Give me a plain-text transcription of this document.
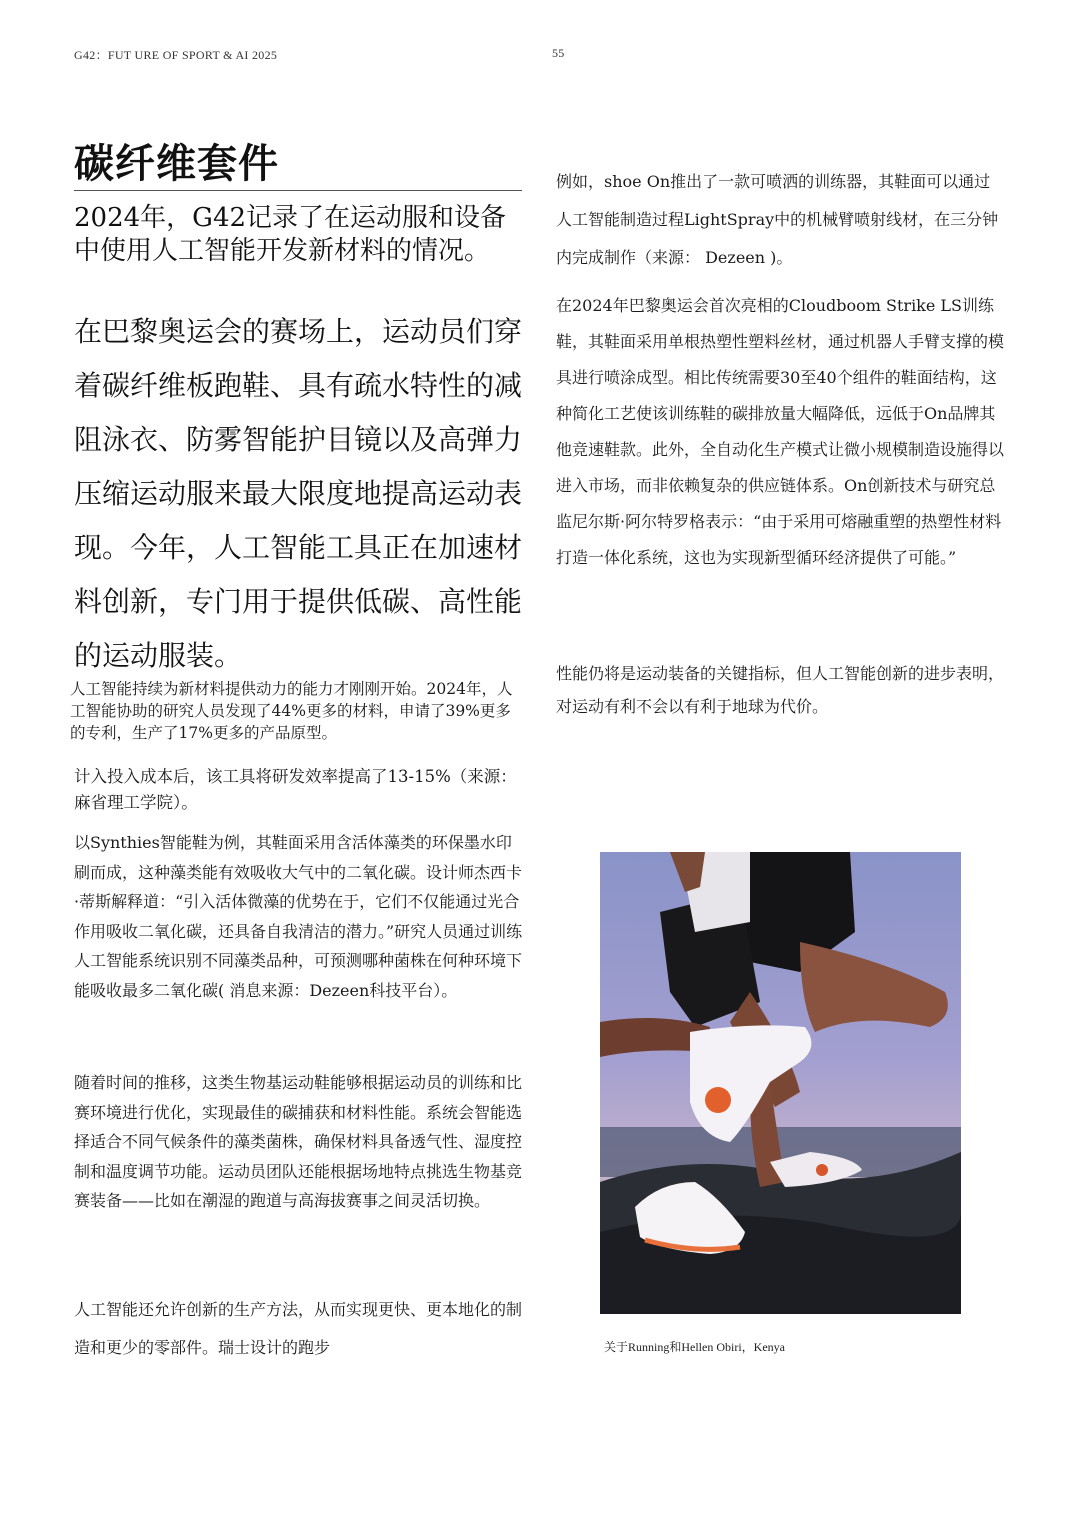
G42：FUT URE OF SPORT & AI 2025	55
碳纤维套件
2024年，G42记录了在运动服和设备中使用人工智能开发新材料的情况。
在巴黎奥运会的赛场上，运动员们穿着碳纤维板跑鞋、具有疏水特性的减阻泳衣、防雾智能护目镜以及高弹力压缩运动服来最大限度地提高运动表现。今年，人工智能工具正在加速材料创新，专门用于提供低碳、高性能的运动服装。
人工智能持续为新材料提供动力的能力才刚刚开始。2024年，人工智能协助的研究人员发现了44%更多的材料，申请了39%更多的专利，生产了17%更多的产品原型。
计入投入成本后，该工具将研发效率提高了13-15%（来源：麻省理工学院）。
以Synthies智能鞋为例，其鞋面采用含活体藻类的环保墨水印刷而成，这种藻类能有效吸收大气中的二氧化碳。设计师杰西卡·蒂斯解释道：“引入活体微藻的优势在于，它们不仅能通过光合作用吸收二氧化碳，还具备自我清洁的潜力。”研究人员通过训练人工智能系统识别不同藻类品种，可预测哪种菌株在何种环境下能吸收最多二氧化碳( 消息来源：Dezeen科技平台）。
随着时间的推移，这类生物基运动鞋能够根据运动员的训练和比赛环境进行优化，实现最佳的碳捕获和材料性能。系统会智能选择适合不同气候条件的藻类菌株，确保材料具备透气性、湿度控制和温度调节功能。运动员团队还能根据场地特点挑选生物基竞赛装备——比如在潮湿的跑道与高海拔赛事之间灵活切换。
人工智能还允许创新的生产方法，从而实现更快、更本地化的制造和更少的零部件。瑞士设计的跑步
例如，shoe On推出了一款可喷洒的训练器，其鞋面可以通过人工智能制造过程LightSpray中的机械臂喷射线材，在三分钟内完成制作（来源： Dezeen )。
在2024年巴黎奥运会首次亮相的Cloudboom Strike LS训练鞋，其鞋面采用单根热塑性塑料丝材，通过机器人手臂支撑的模具进行喷涂成型。相比传统需要30至40个组件的鞋面结构，这种简化工艺使该训练鞋的碳排放量大幅降低，远低于On品牌其他竞速鞋款。此外，全自动化生产模式让微小规模制造设施得以进入市场，而非依赖复杂的供应链体系。On创新技术与研究总监尼尔斯·阿尔特罗格表示：“由于采用可熔融重塑的热塑性材料打造一体化系统，这也为实现新型循环经济提供了可能。”
性能仍将是运动装备的关键指标，但人工智能创新的进步表明，对运动有利不会以有利于地球为代价。
关于Running和Hellen Obiri，Kenya
